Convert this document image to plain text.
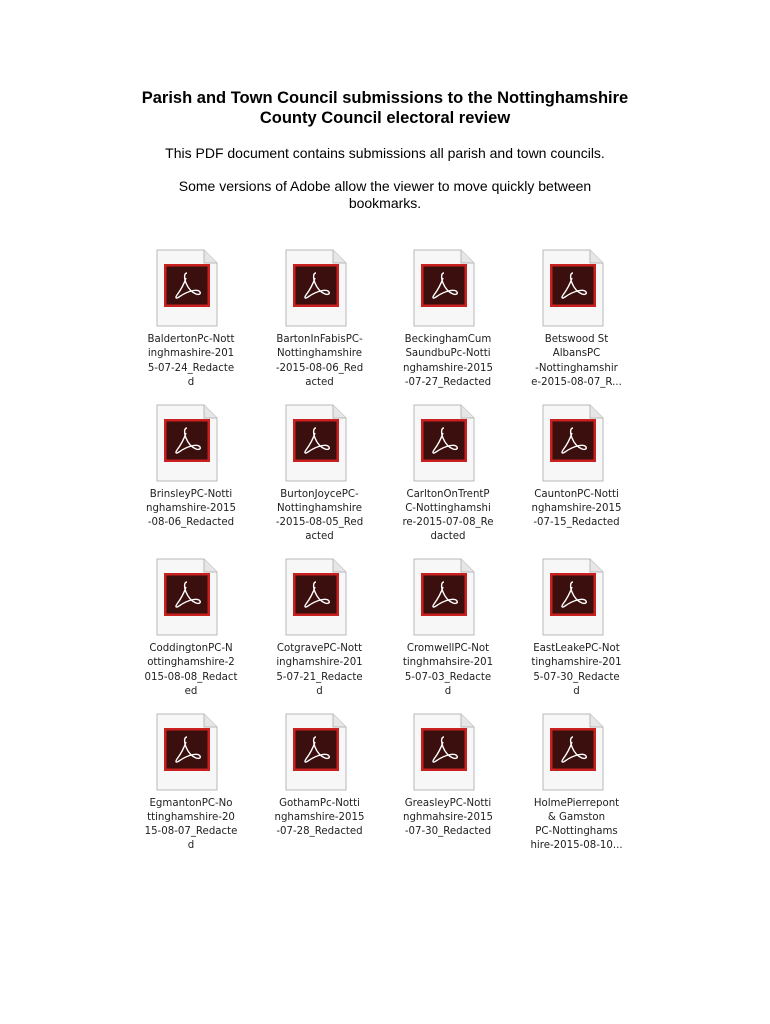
Parish and Town Council submissions to the Nottinghamshire
County Council electoral review
This PDF document contains submissions all parish and town councils.
Some versions of Adobe allow the viewer to move quickly between
bookmarks.
BaldertonPc-Nott
inghmashire-201
5-07-24_Redacte
d
BartonInFabisPC-
Nottinghamshire
-2015-08-06_Red
acted
BeckinghamCum
SaundbuPc-Notti
nghamshire-2015
-07-27_Redacted
Betswood St
AlbansPC
-Nottinghamshir
e-2015-08-07_R...
BrinsleyPC-Notti
nghamshire-2015
-08-06_Redacted
BurtonJoycePC-
Nottinghamshire
-2015-08-05_Red
acted
CarltonOnTrentP
C-Nottinghamshi
re-2015-07-08_Re
dacted
CauntonPC-Notti
nghamshire-2015
-07-15_Redacted
CoddingtonPC-N
ottinghamshire-2
015-08-08_Redact
ed
CotgravePC-Nott
inghamshire-201
5-07-21_Redacte
d
CromwellPC-Not
tinghmahsire-201
5-07-03_Redacte
d
EastLeakePC-Not
tinghamshire-201
5-07-30_Redacte
d
EgmantonPC-No
ttinghamshire-20
15-08-07_Redacte
d
GothamPc-Notti
nghamshire-2015
-07-28_Redacted
GreasleyPC-Notti
nghmahsire-2015
-07-30_Redacted
HolmePierrepont
& Gamston
PC-Nottinghams
hire-2015-08-10...
